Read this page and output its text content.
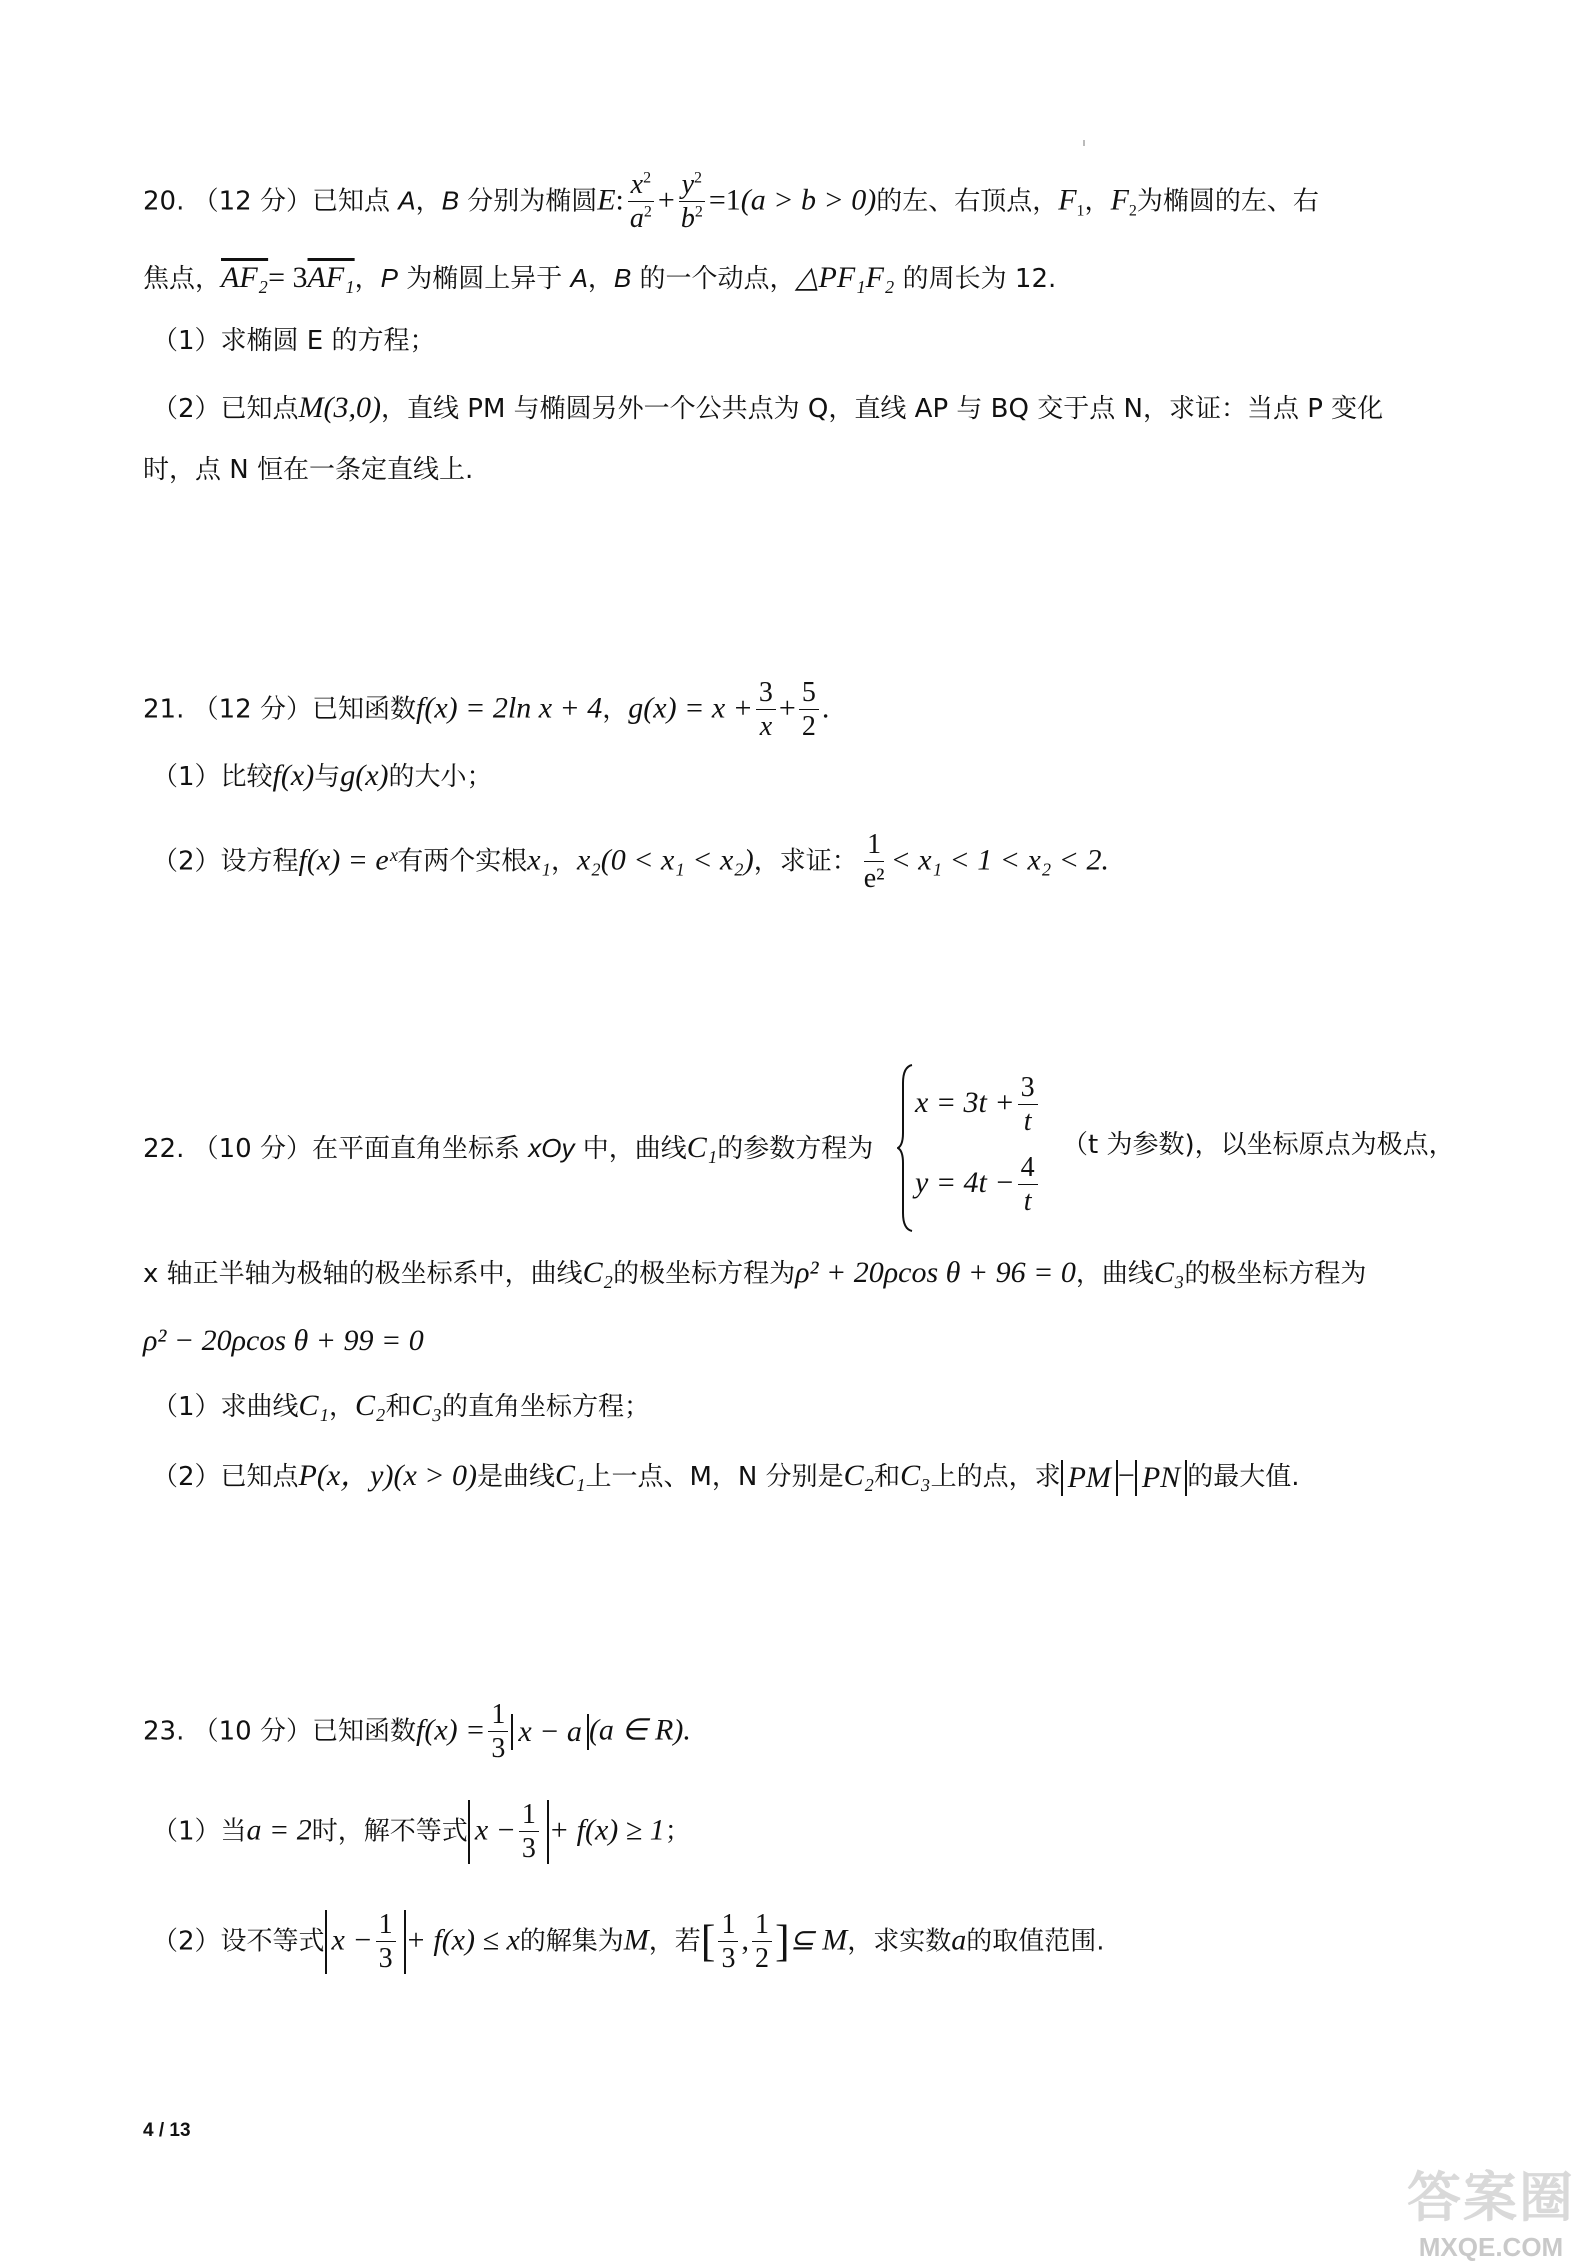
20. （12 分）已知点 A，B 分别为椭圆E: $\frac{x^2}{a^2} + \frac{y^2}{b^2} =1(a > b > 0)$的左、右顶点，$F_1$，$F_2$为椭圆的左、右
焦点，AF₂= 3AF₁，P 为椭圆上异于 A，B 的一个动点，△PF₁F₂ 的周长为 12.
（1）求椭圆 E 的方程；
（2）已知点M(3,0)，直线 PM 与椭圆另外一个公共点为 Q，直线 AP 与 BQ 交于点 N，求证：当点 P 变化
时，点 N 恒在一条定直线上.
21. （12 分）已知函数f(x) = 2ln x + 4，$g(x) = x + \frac{3}{x} + \frac{5}{2}$ .
（1）比较f(x)与g(x)的大小；
（2）设方程f(x) = eˣ有两个实根x₁，x₂(0 < x₁ < x₂)，求证： $\frac{1}{\text{e²}} < x_1 < 1 < x_2 < 2$.
22. （10 分）在平面直角坐标系 xOy 中，曲线C₁的参数方程为
$x = 3t + \frac{3}{t}$
$y = 4t - \frac{4}{t}$
（t 为参数)，以坐标原点为极点，
x 轴正半轴为极轴的极坐标系中，曲线C₂的极坐标方程为ρ² + 20ρcos θ + 96 = 0，曲线C₃的极坐标方程为
ρ² − 20ρcos θ + 99 = 0
（1）求曲线C₁，C₂和C₃的直角坐标方程；
（2）已知点P(x，y)(x > 0)是曲线C₁上一点、M，N 分别是C₂和C₃上的点，求 PM − PN 的最大值.
23. （10 分）已知函数$f(x) = \frac{1}{3}$ x − a (a ∈ R).
（1）当a = 2时，解不等式 $x - \frac{1}{3} + f(x) \ge 1$；
（2）设不等式 $x - \frac{1}{3} + f(x) \le x$的解集为M，若[ $\frac{1}{3}$ , $\frac{1}{2}$ ]⊆ M，求实数a的取值范围.
4 / 13
答案圈
MXQE.COM
